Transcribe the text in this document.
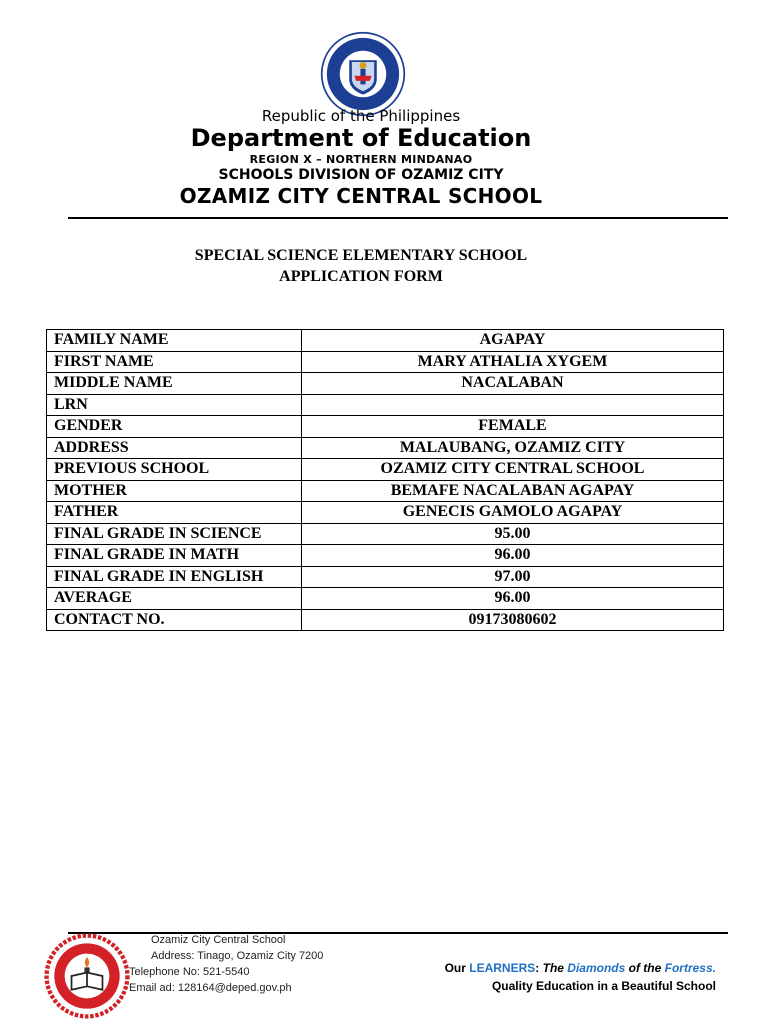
Republic of the Philippines
Department of Education
REGION X – NORTHERN MINDANAO
SCHOOLS DIVISION OF OZAMIZ CITY
OZAMIZ CITY CENTRAL SCHOOL
SPECIAL SCIENCE ELEMENTARY SCHOOL
APPLICATION FORM
FAMILY NAME	AGAPAY
FIRST NAME	MARY ATHALIA XYGEM
MIDDLE NAME	NACALABAN
LRN	
GENDER	FEMALE
ADDRESS	MALAUBANG, OZAMIZ CITY
PREVIOUS SCHOOL	OZAMIZ CITY CENTRAL SCHOOL
MOTHER	BEMAFE NACALABAN AGAPAY
FATHER	GENECIS GAMOLO AGAPAY
FINAL GRADE IN SCIENCE	95.00
FINAL GRADE IN MATH	96.00
FINAL GRADE IN ENGLISH	97.00
AVERAGE	96.00
CONTACT NO.	09173080602
Ozamiz City Central School
Address: Tinago, Ozamiz City 7200
Telephone No: 521-5540
Email ad: 128164@deped.gov.ph
Our LEARNERS: The Diamonds of the Fortress.
Quality Education in a Beautiful School
